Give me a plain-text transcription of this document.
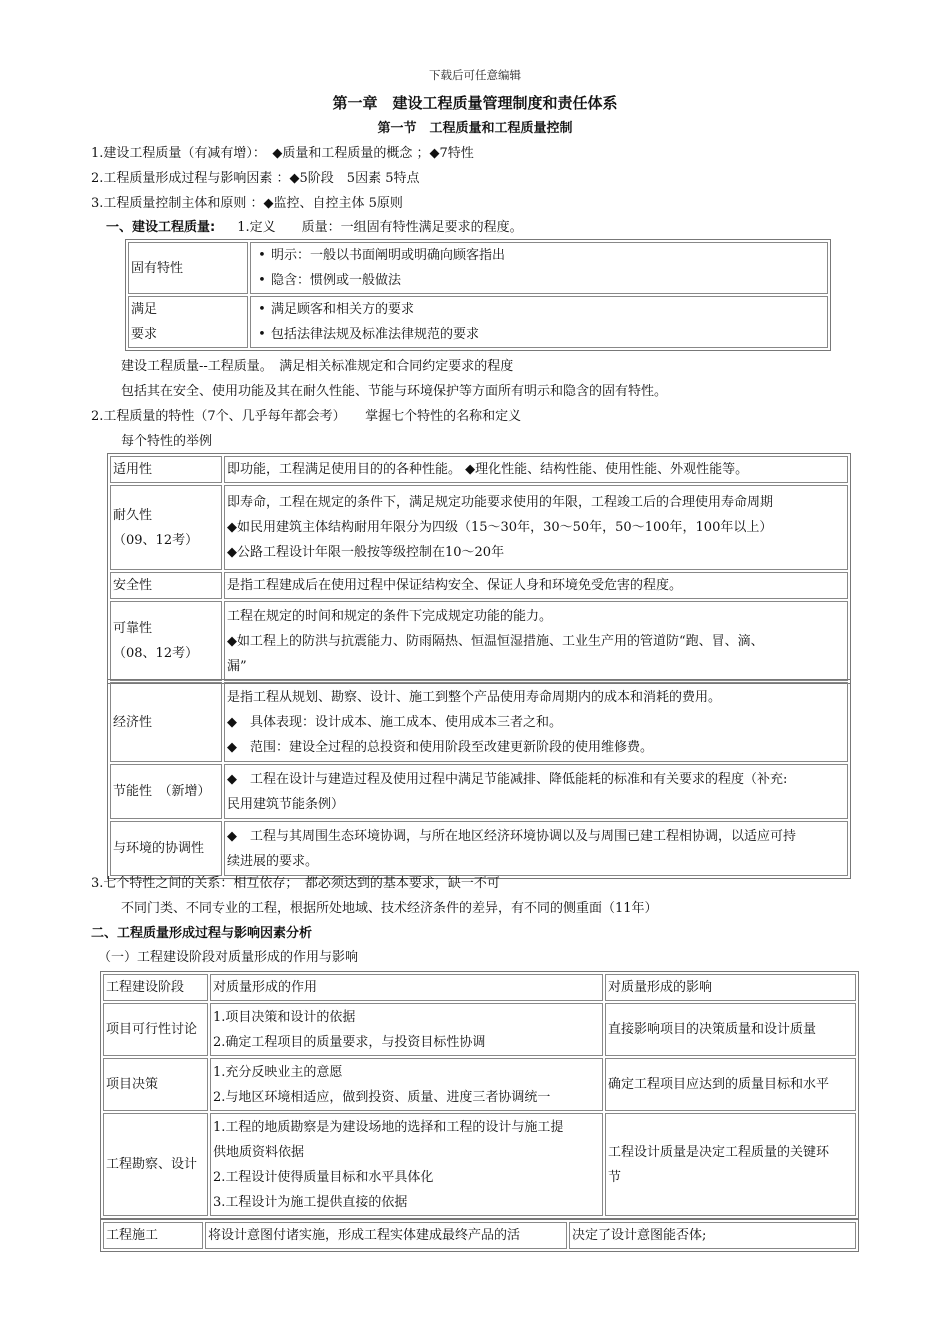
下载后可任意编辑
第一章　建设工程质量管理制度和责任体系
第一节　工程质量和工程质量控制
1.建设工程质量（有减有增）：　◆质量和工程质量的概念 ；◆7特性
2.工程质量形成过程与影响因素 ：◆5阶段　5因素 5特点
3.工程质量控制主体和原则 ：◆监控、自控主体 5原则
一、建设工程质量: 1.定义　　质量：一组固有特性满足要求的程度。
固有特性	• 明示：一般以书面阐明或明确向顾客指出
• 隐含：惯例或一般做法

满足
要求	• 满足顾客和相关方的要求
• 包括法律法规及标准法律规范的要求
建设工程质量--工程质量。　满足相关标准规定和合同约定要求的程度
包括其在安全、使用功能及其在耐久性能、节能与环境保护等方面所有明示和隐含的固有特性。
2.工程质量的特性（7个、几乎每年都会考）　　掌握七个特性的名称和定义
每个特性的举例
适用性	即功能，工程满足使用目的的各种性能。 ◆理化性能、结构性能、使用性能、外观性能等。

耐久性
（09、12考）	即寿命，工程在规定的条件下，满足规定功能要求使用的年限，工程竣工后的合理使用寿命周期
◆如民用建筑主体结构耐用年限分为四级（15～30年，30～50年，50～100年，100年以上）
◆公路工程设计年限一般按等级控制在10～20年

安全性	是指工程建成后在使用过程中保证结构安全、保证人身和环境免受危害的程度。

可靠性
（08、12考）	工程在规定的时间和规定的条件下完成规定功能的能力。
◆如工程上的防洪与抗震能力、防雨隔热、恒温恒湿措施、工业生产用的管道防“跑、冒、滴、
漏”
经济性	是指工程从规划、勘察、设计、施工到整个产品使用寿命周期内的成本和消耗的费用。
◆　具体表现：设计成本、施工成本、使用成本三者之和。
◆　范围：建设全过程的总投资和使用阶段至改建更新阶段的使用维修费。

节能性　（新增）	◆　工程在设计与建造过程及使用过程中满足节能减排、降低能耗的标准和有关要求的程度（补充:
民用建筑节能条例）

与环境的协调性	◆　工程与其周围生态环境协调，与所在地区经济环境协调以及与周围已建工程相协调，以适应可持
续进展的要求。
3.七个特性之间的关系：相互依存；　都必须达到的基本要求，缺一不可
不同门类、不同专业的工程，根据所处地域、技术经济条件的差异，有不同的侧重面（11年）
二、工程质量形成过程与影响因素分析
（一）工程建设阶段对质量形成的作用与影响
工程建设阶段	对质量形成的作用	对质量形成的影响
项目可行性讨论	1.项目决策和设计的依据
2.确定工程项目的质量要求，与投资目标性协调	直接影响项目的决策质量和设计质量

项目决策	1.充分反映业主的意愿
2.与地区环境相适应，做到投资、质量、进度三者协调统一	确定工程项目应达到的质量目标和水平

工程勘察、设计	1.工程的地质勘察是为建设场地的选择和工程的设计与施工提
供地质资料依据
2.工程设计使得质量目标和水平具体化
3.工程设计为施工提供直接的依据	工程设计质量是决定工程质量的关键环
节
工程施工	将设计意图付诸实施，形成工程实体建成最终产品的活	决定了设计意图能否体;
